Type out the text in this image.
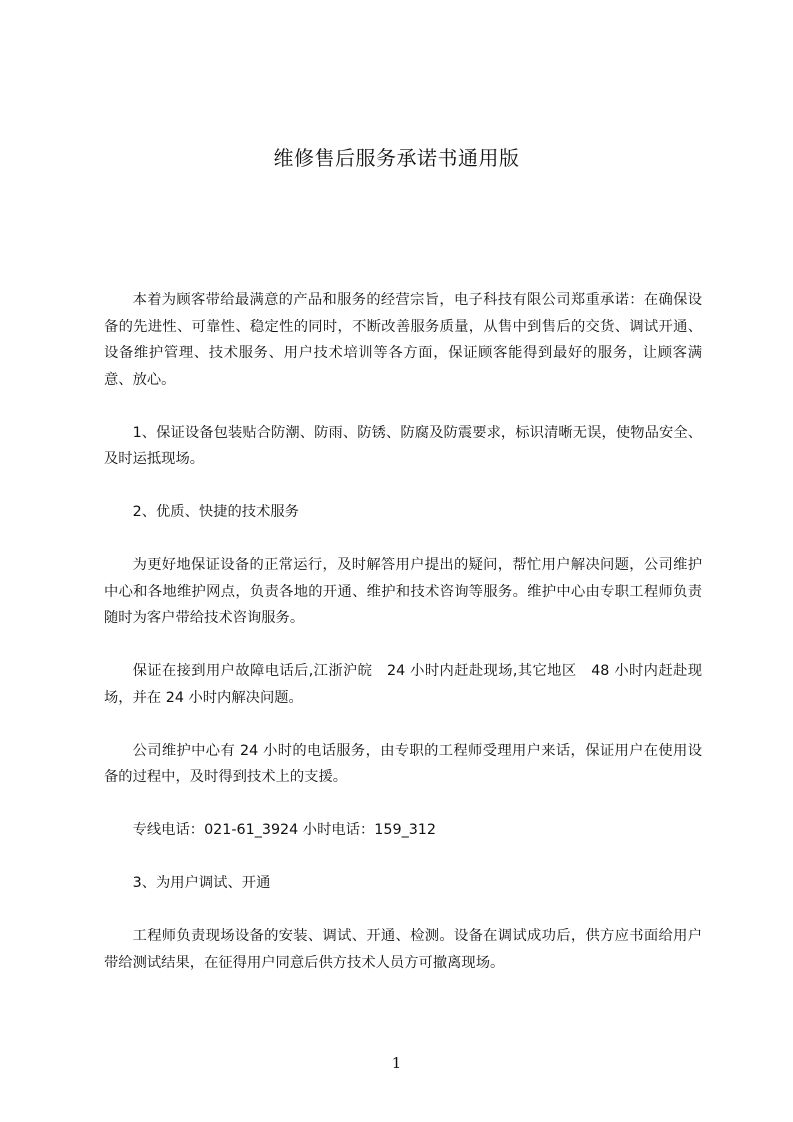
维修售后服务承诺书通用版

本着为顾客带给最满意的产品和服务的经营宗旨，电子科技有限公司郑重承诺：在确保设备的先进性、可靠性、稳定性的同时，不断改善服务质量，从售中到售后的交货、调试开通、设备维护管理、技术服务、用户技术培训等各方面，保证顾客能得到最好的服务，让顾客满意、放心。

1、保证设备包装贴合防潮、防雨、防锈、防腐及防震要求，标识清晰无误，使物品安全、及时运抵现场。

2、优质、快捷的技术服务

为更好地保证设备的正常运行，及时解答用户提出的疑问，帮忙用户解决问题，公司维护中心和各地维护网点，负责各地的开通、维护和技术咨询等服务。维护中心由专职工程师负责随时为客户带给技术咨询服务。

保证在接到用户故障电话后,江浙沪皖　24 小时内赶赴现场,其它地区　48 小时内赶赴现场，并在 24 小时内解决问题。

公司维护中心有 24 小时的电话服务，由专职的工程师受理用户来话，保证用户在使用设备的过程中，及时得到技术上的支援。

专线电话：021-61_3924 小时电话：159_312

3、为用户调试、开通

工程师负责现场设备的安装、调试、开通、检测。设备在调试成功后，供方应书面给用户带给测试结果，在征得用户同意后供方技术人员方可撤离现场。

1
